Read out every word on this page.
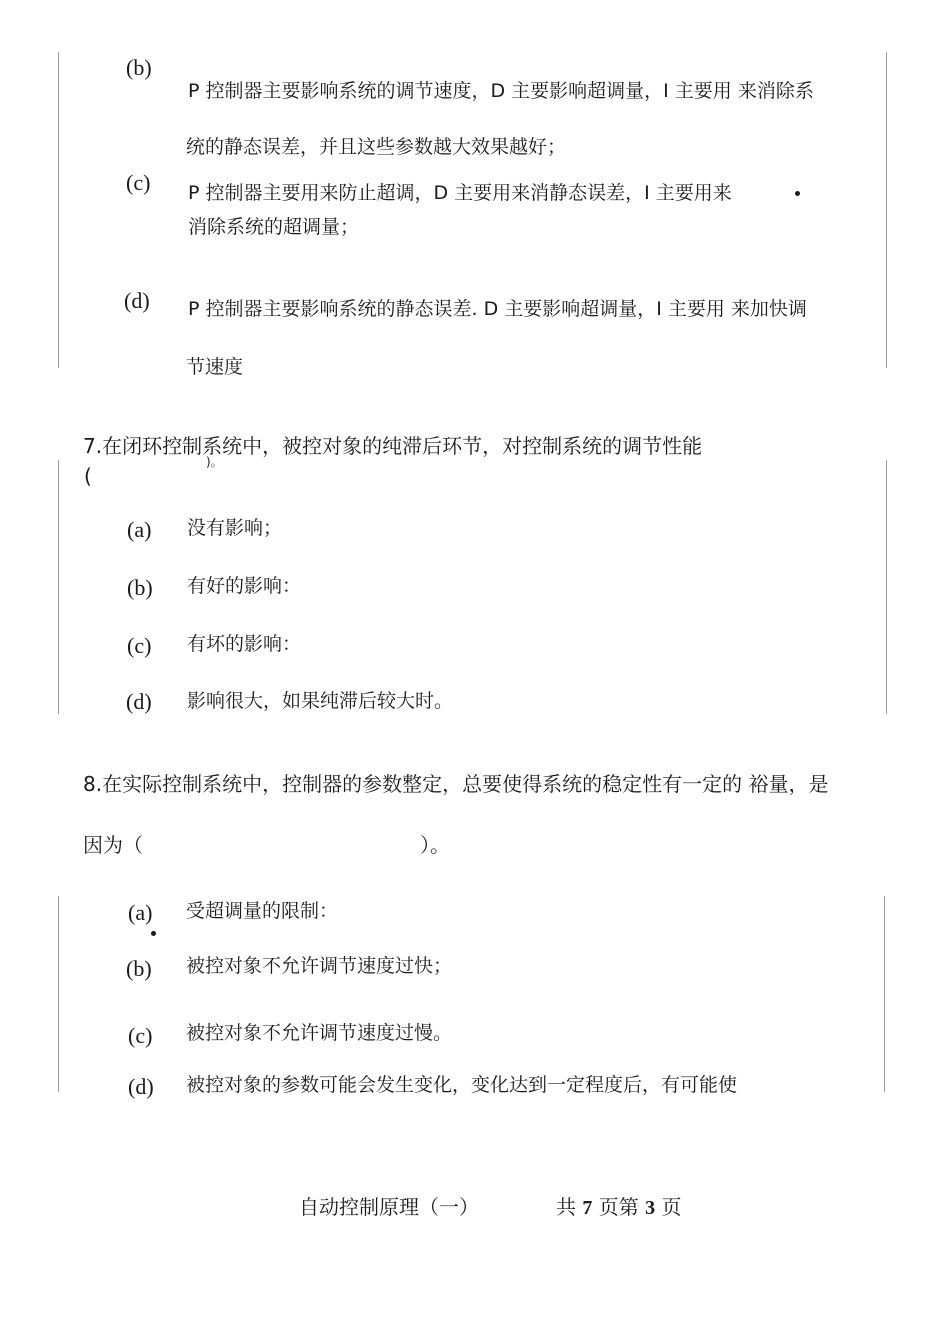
(b)
P 控制器主要影响系统的调节速度，D 主要影响超调量，I 主要用 来消除系
统的静态误差，并且这些参数越大效果越好；
(c) P 控制器主要用来防止超调，D 主要用来消静态误差，I 主要用来
消除系统的超调量；
(d) P 控制器主要影响系统的静态误差. D 主要影响超调量，I 主要用 来加快调
节速度
7.在闭环控制系统中，被控对象的纯滞后环节，对控制系统的调节性能
(
)。
(a) 没有影响；
(b) 有好的影响：
(c) 有坏的影响：
(d) 影响很大，如果纯滞后较大时。
8.在实际控制系统中，控制器的参数整定，总要使得系统的稳定性有一定的 裕量，是
因为（	）。
(a) 受超调量的限制：
(b) 被控对象不允许调节速度过快；
(c) 被控对象不允许调节速度过慢。
(d) 被控对象的参数可能会发生变化，变化达到一定程度后，有可能使
自动控制原理（一）	共 7 页第 3 页
